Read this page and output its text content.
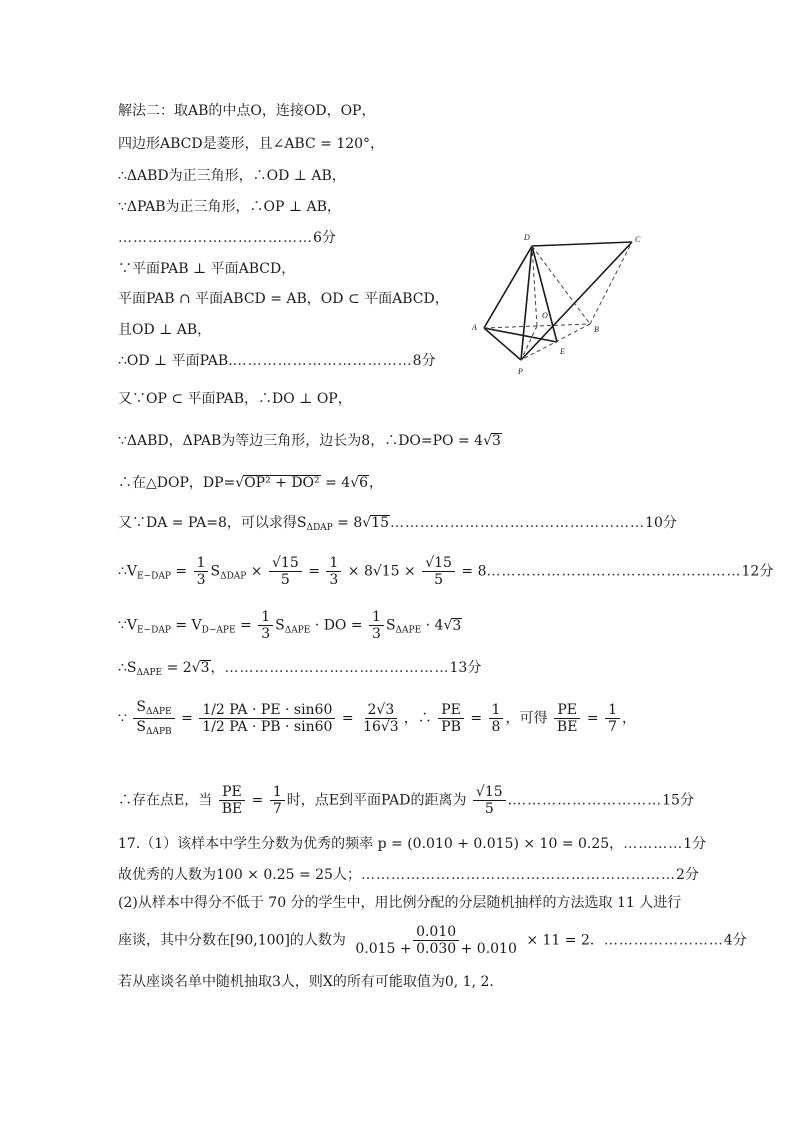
D	C
O
A	B
E
P
解法二：取AB的中点O，连接OD，OP，
四边形ABCD是菱形，且∠ABC = 120°，
∴ΔABD为正三角形，∴OD ⊥ AB，
∵ΔPAB为正三角形，∴OP ⊥ AB，
…………………………………6分
∵平面PAB ⊥ 平面ABCD，
平面PAB ∩ 平面ABCD = AB，OD ⊂ 平面ABCD，
且OD ⊥ AB，
∴OD ⊥ 平面PAB.………………………………8分
又∵OP ⊂ 平面PAB，∴DO ⊥ OP，
∵ΔABD，ΔPAB为等边三角形，边长为8，∴DO=PO = 4√3
∴在△DOP，DP=√OP² + DO² = 4√6，
又∵DA = PA=8，可以求得$S_{\Delta DAP}$ = 8√15……………………………………………10分
$\therefore V_{E-DAP} = \frac{1}{3} S_{\Delta DAP} \times \frac{√15}{5} = \frac{1}{3} \times 8√15 \times \frac{√15}{5}$ = 8……………………………………………12分
$\because V_{E-DAP} = V_{D-APE} = \frac{1}{3} S_{\Delta APE}$ · DO = $\frac{1}{3} S_{\Delta APE} \cdot 4√3$
$\therefore S_{\Delta APE} = 2√3$，………………………………………13分
∵ $\frac{S_{\Delta APE}}{S_{\Delta APB}} = \frac{1/2 PA \cdot PE \cdot \sin 60}{1/2 PA \cdot PB \cdot \sin 60} = \frac{2√3}{16√3}$ ，∴ $\frac{PE}{PB} = \frac{1}{8}$ ，可得 $\frac{PE}{BE} = \frac{1}{7}$ ，
∴存在点E，当 $\frac{PE}{BE} = \frac{1}{7}$ 时，点E到平面PAD的距离为 $\frac{√15}{5}$ .…………………………15分
17.（1）该样本中学生分数为优秀的频率 p = (0.010 + 0.015) × 10 = 0.25，…………1分
故优秀的人数为100 × 0.25 = 25人；………………………………………………………2分
(2)从样本中得分不低于 70 分的学生中，用比例分配的分层随机抽样的方法选取 11 人进行
座谈，其中分数在[90,100]的人数为 $\frac{0.010}{0.015 + 0.030 + 0.010} \times 11 = 2$．……………………4分
若从座谈名单中随机抽取3人，则X的所有可能取值为0, 1, 2.
